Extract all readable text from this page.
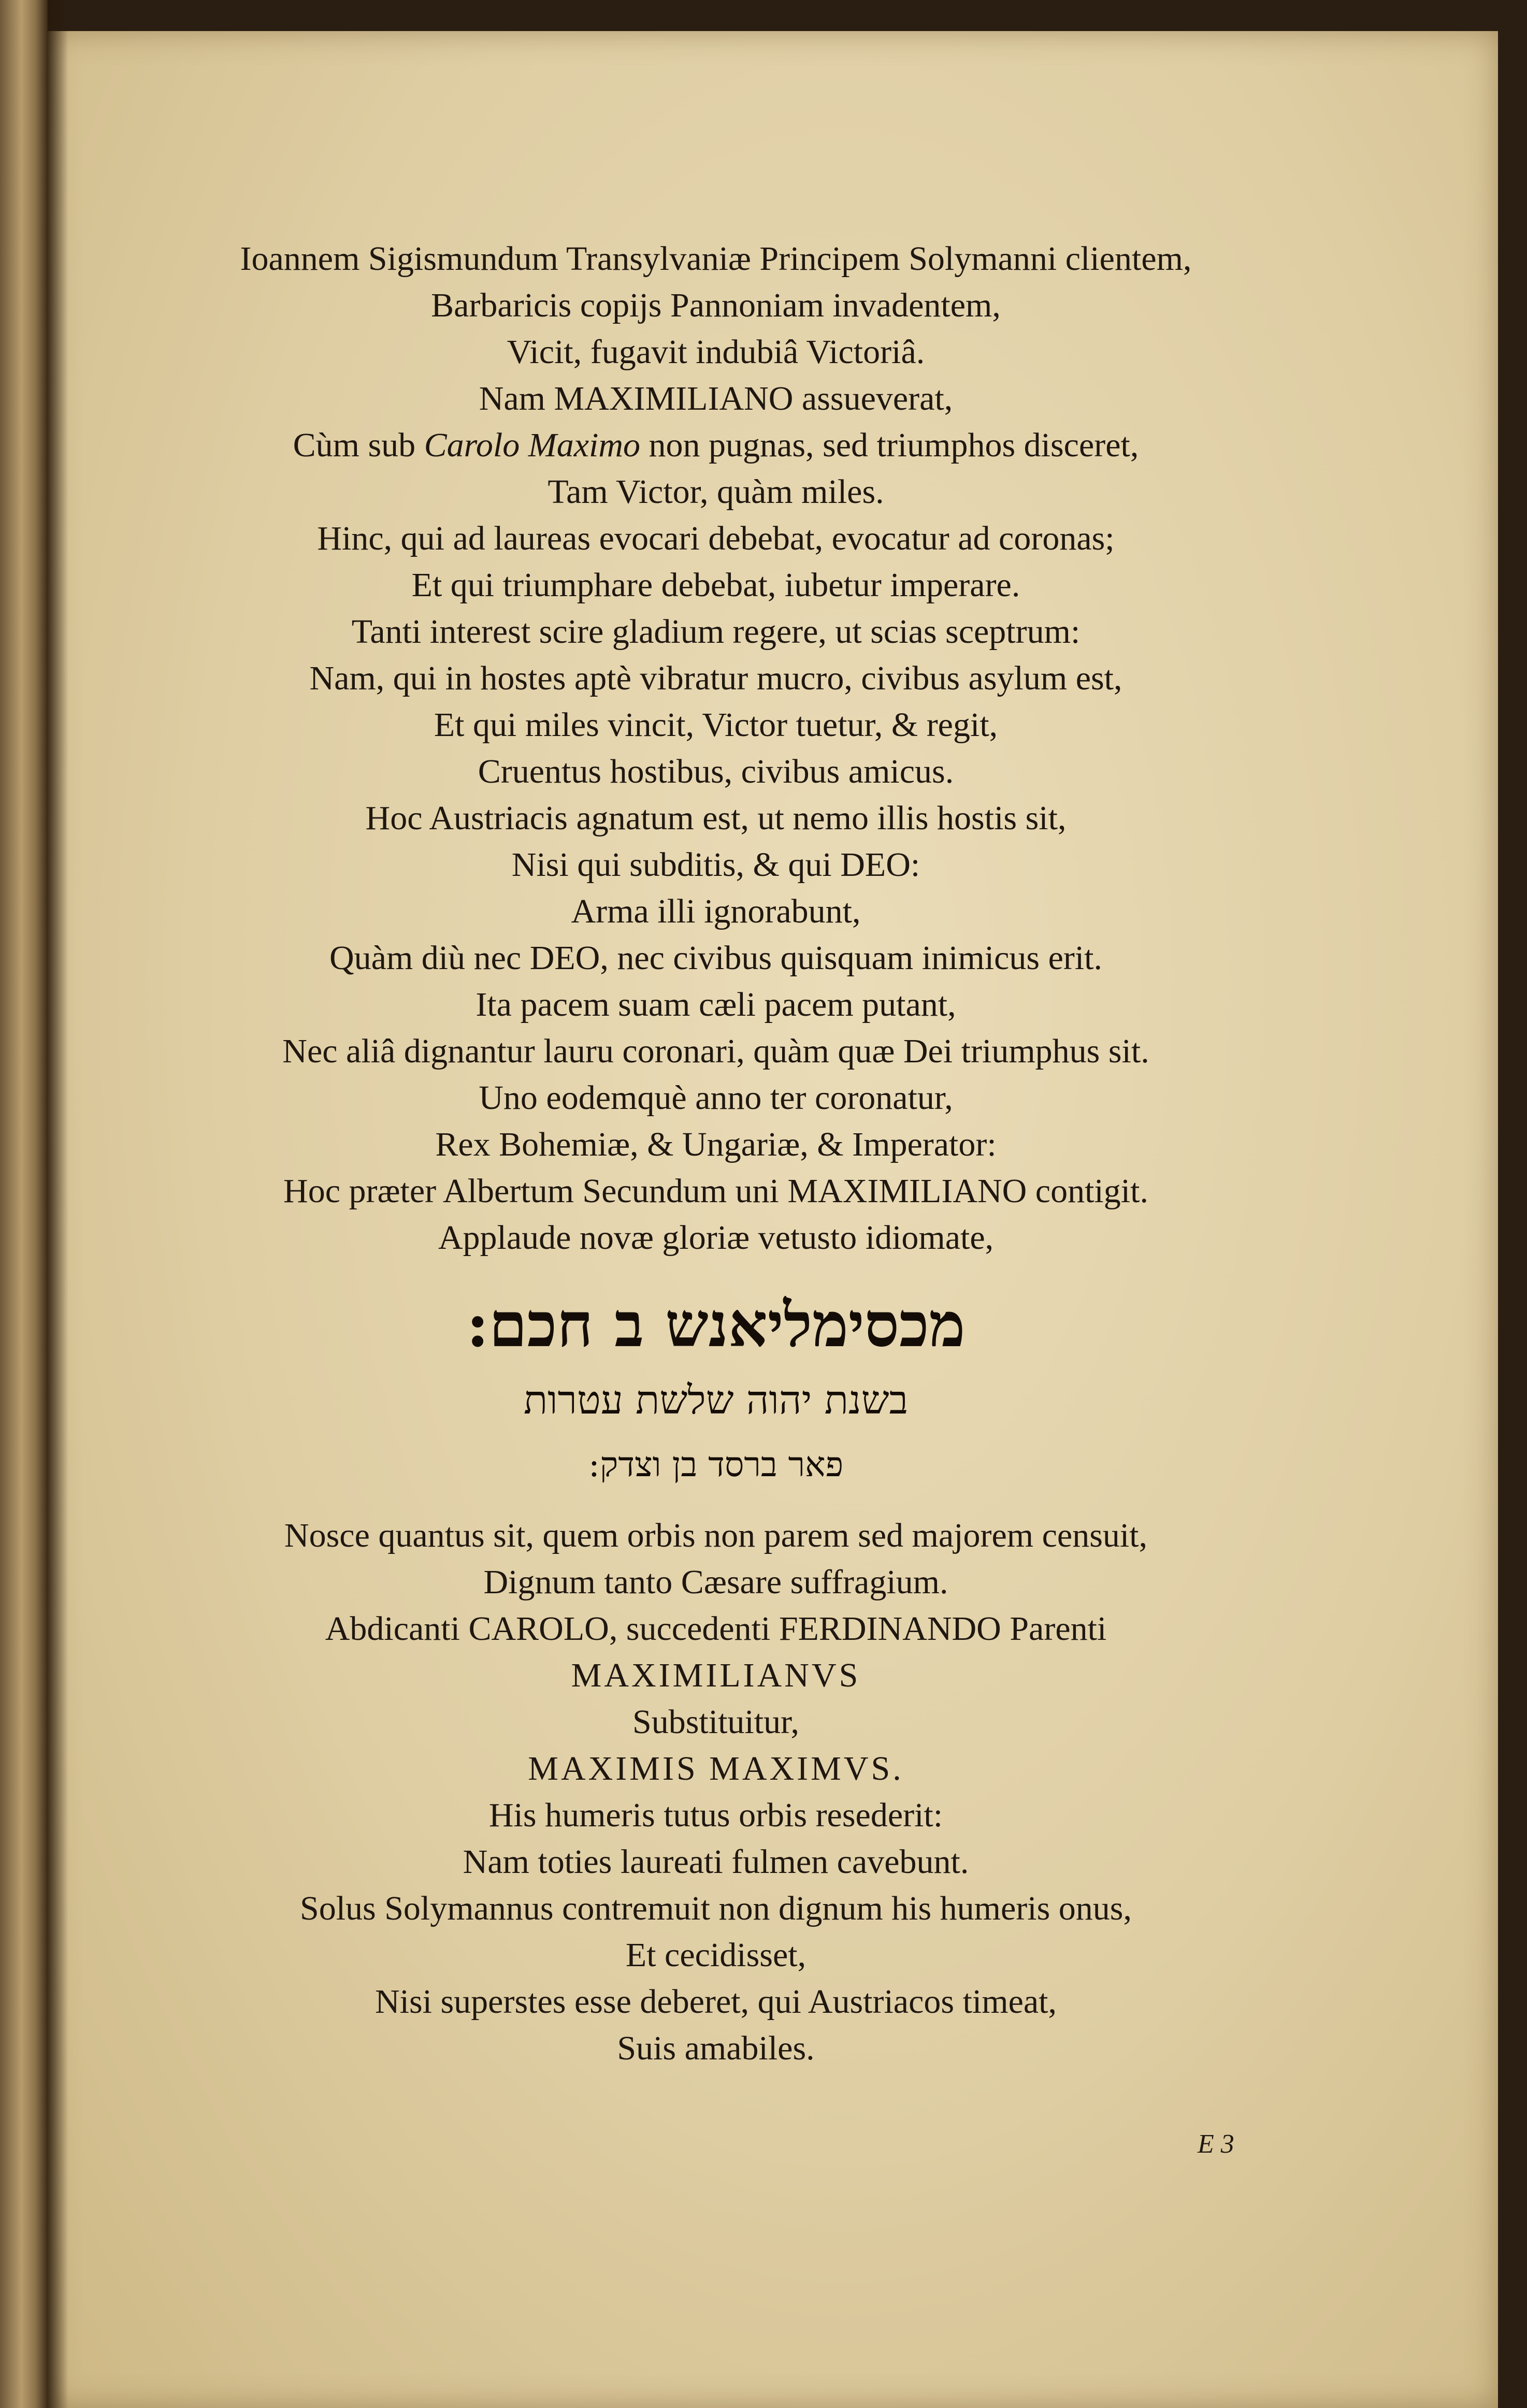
Ioannem Sigismundum Transylvaniæ Principem Solymanni clientem,
Barbaricis copijs Pannoniam invadentem,
Vicit, fugavit indubiâ Victoriâ.
Nam MAXIMILIANO assueverat,
Cùm sub Carolo Maximo non pugnas, sed triumphos disceret,
Tam Victor, quàm miles.
Hinc, qui ad laureas evocari debebat, evocatur ad coronas;
Et qui triumphare debebat, iubetur imperare.
Tanti interest scire gladium regere, ut scias sceptrum:
Nam, qui in hostes aptè vibratur mucro, civibus asylum est,
Et qui miles vincit, Victor tuetur, & regit,
Cruentus hostibus, civibus amicus.
Hoc Austriacis agnatum est, ut nemo illis hostis sit,
Nisi qui subditis, & qui DEO:
Arma illi ignorabunt,
Quàm diù nec DEO, nec civibus quisquam inimicus erit.
Ita pacem suam cæli pacem putant,
Nec aliâ dignantur lauru coronari, quàm quæ Dei triumphus sit.
Uno eodemquè anno ter coronatur,
Rex Bohemiæ, & Ungariæ, & Imperator:
Hoc præter Albertum Secundum uni MAXIMILIANO contigit.
Applaude novæ gloriæ vetusto idiomate,
מכסימליאנש ב חכם:
בשנת יהוה שלשת עטרות
פאר ברסד בן וצדק:
Nosce quantus sit, quem orbis non parem sed majorem censuit,
Dignum tanto Cæsare suffragium.
Abdicanti CAROLO, succedenti FERDINANDO Parenti
MAXIMILIANVS
Substituitur,
MAXIMIS MAXIMVS.
His humeris tutus orbis resederit:
Nam toties laureati fulmen cavebunt.
Solus Solymannus contremuit non dignum his humeris onus,
Et cecidisset,
Nisi superstes esse deberet, qui Austriacos timeat,
Suis amabiles.
E 3
